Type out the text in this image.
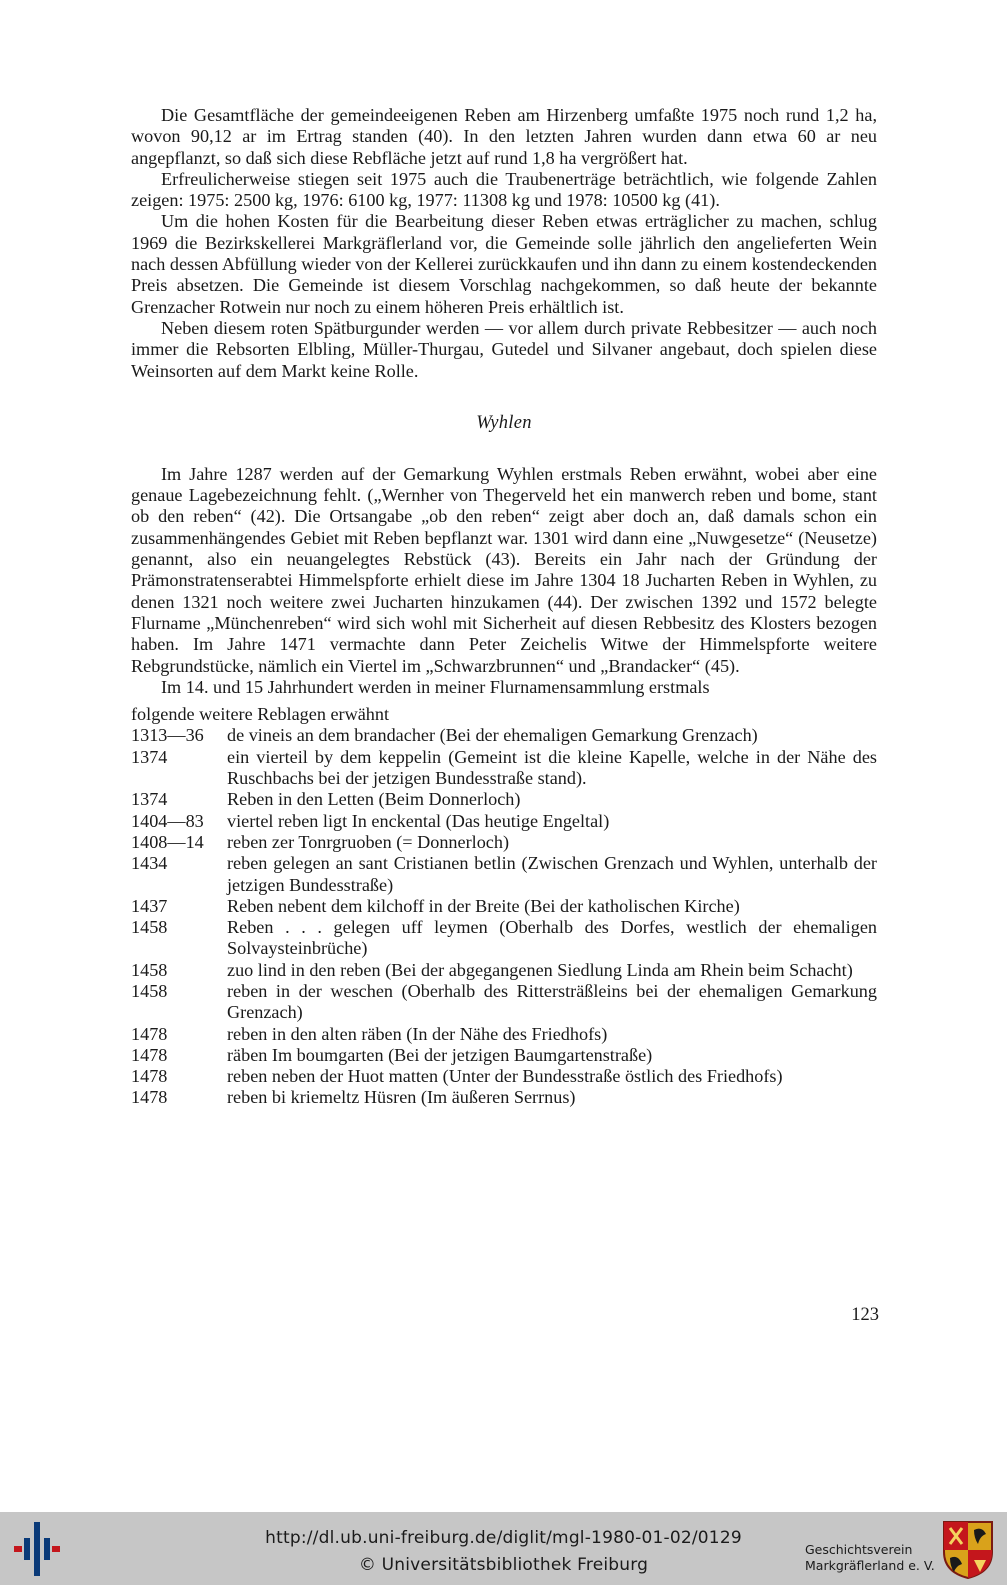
Die Gesamtfläche der gemeindeeigenen Reben am Hirzenberg umfaßte 1975 noch rund 1,2 ha, wovon 90,12 ar im Ertrag standen (40). In den letzten Jahren wurden dann etwa 60 ar neu angepflanzt, so daß sich diese Rebfläche jetzt auf rund 1,8 ha vergrößert hat.

Erfreulicherweise stiegen seit 1975 auch die Traubenerträge beträchtlich, wie folgende Zahlen zeigen: 1975: 2500 kg, 1976: 6100 kg, 1977: 11308 kg und 1978: 10500 kg (41).

Um die hohen Kosten für die Bearbeitung dieser Reben etwas erträglicher zu machen, schlug 1969 die Bezirkskellerei Markgräflerland vor, die Gemeinde solle jährlich den angelieferten Wein nach dessen Abfüllung wieder von der Kellerei zurückkaufen und ihn dann zu einem kostendeckenden Preis absetzen. Die Gemeinde ist diesem Vorschlag nachgekommen, so daß heute der bekannte Grenzacher Rotwein nur noch zu einem höheren Preis erhältlich ist.

Neben diesem roten Spätburgunder werden — vor allem durch private Rebbesitzer — auch noch immer die Rebsorten Elbling, Müller-Thurgau, Gutedel und Silvaner angebaut, doch spielen diese Weinsorten auf dem Markt keine Rolle.

Wyhlen

Im Jahre 1287 werden auf der Gemarkung Wyhlen erstmals Reben erwähnt, wobei aber eine genaue Lagebezeichnung fehlt. („Wernher von Thegerveld het ein manwerch reben und bome, stant ob den reben“ (42). Die Ortsangabe „ob den reben“ zeigt aber doch an, daß damals schon ein zusammenhängendes Gebiet mit Reben bepflanzt war. 1301 wird dann eine „Nuwgesetze“ (Neusetze) genannt, also ein neuangelegtes Rebstück (43). Bereits ein Jahr nach der Gründung der Prämonstratenserabtei Himmelspforte erhielt diese im Jahre 1304 18 Jucharten Reben in Wyhlen, zu denen 1321 noch weitere zwei Jucharten hinzukamen (44). Der zwischen 1392 und 1572 belegte Flurname „Münchenreben“ wird sich wohl mit Sicherheit auf diesen Rebbesitz des Klosters bezogen haben. Im Jahre 1471 vermachte dann Peter Zeichelis Witwe der Himmelspforte weitere Rebgrundstücke, nämlich ein Viertel im „Schwarzbrunnen“ und „Brandacker“ (45).

Im 14. und 15 Jahrhundert werden in meiner Flurnamensammlung erstmals

folgende weitere Reblagen erwähnt
1313—36	de vineis an dem brandacher (Bei der ehemaligen Gemarkung Grenzach)
1374	ein vierteil by dem keppelin (Gemeint ist die kleine Kapelle, welche in der Nähe des Ruschbachs bei der jetzigen Bundesstraße stand).
1374	Reben in den Letten (Beim Donnerloch)
1404—83	viertel reben ligt In enckental (Das heutige Engeltal)
1408—14	reben zer Tonrgruoben (= Donnerloch)
1434	reben gelegen an sant Cristianen betlin (Zwischen Grenzach und Wyhlen, unterhalb der jetzigen Bundesstraße)
1437	Reben nebent dem kilchoff in der Breite (Bei der katholischen Kirche)
1458	Reben . . . gelegen uff leymen (Oberhalb des Dorfes, westlich der ehemaligen Solvaysteinbrüche)
1458	zuo lind in den reben (Bei der abgegangenen Siedlung Linda am Rhein beim Schacht)
1458	reben in der weschen (Oberhalb des Rittersträßleins bei der ehemaligen Gemarkung Grenzach)
1478	reben in den alten räben (In der Nähe des Friedhofs)
1478	räben Im boumgarten (Bei der jetzigen Baumgartenstraße)
1478	reben neben der Huot matten (Unter der Bundesstraße östlich des Friedhofs)
1478	reben bi kriemeltz Hüsren (Im äußeren Serrnus)
123
http://dl.ub.uni-freiburg.de/diglit/mgl-1980-01-02/0129
© Universitätsbibliothek Freiburg
Geschichtsverein
Markgräflerland e. V.
